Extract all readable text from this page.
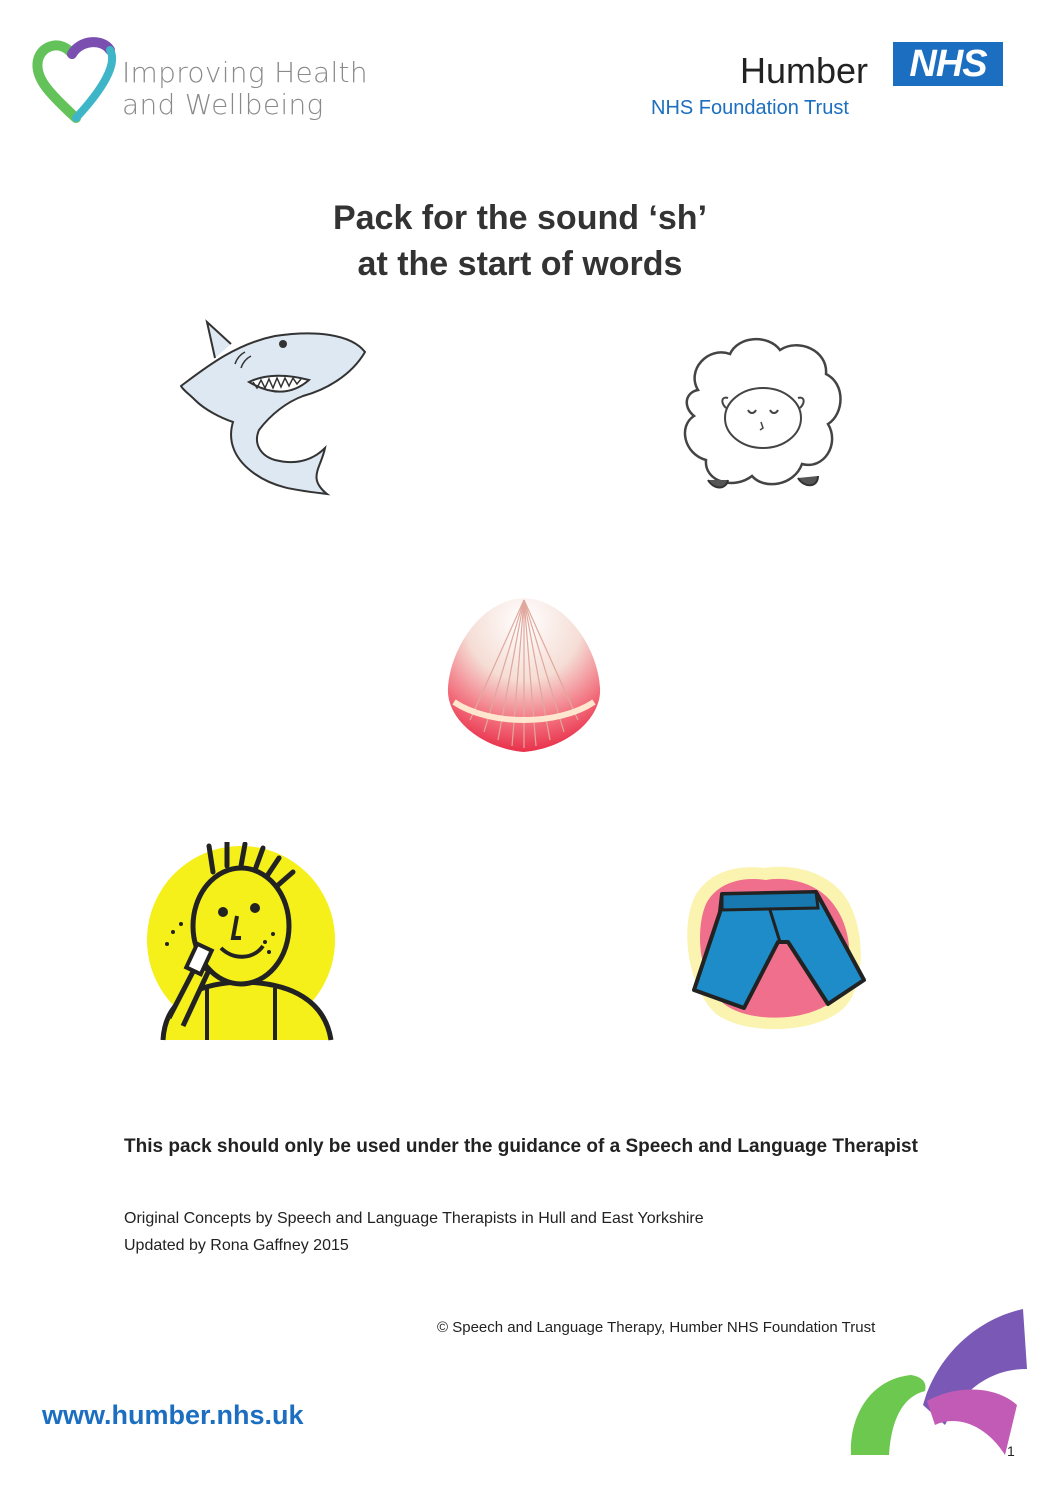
Improving Health
and Wellbeing
Humber	NHS
NHS Foundation Trust
Pack for the sound ‘sh’
at the start of words
This pack should only be used under the guidance of a Speech and Language Therapist
Original Concepts by Speech and Language Therapists in Hull and East Yorkshire
Updated by Rona Gaffney 2015
© Speech and Language Therapy, Humber NHS Foundation Trust
www.humber.nhs.uk
1
